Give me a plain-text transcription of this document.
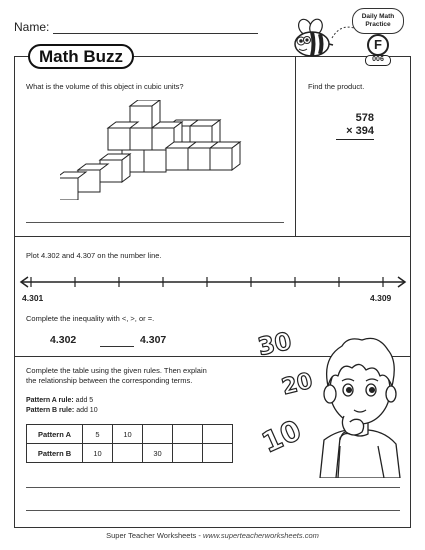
Name:
Math Buzz
Daily Math Practice
F
006
What is the volume of this object in cubic units?	Find the product.
578
× 394
Plot 4.302 and 4.307 on the number line.
4.301	4.309
Complete the inequality with <, >, or =.
4.302	4.307
Complete the table using the given rules. Then explain
the relationship between the corresponding terms.
Pattern A rule: add 5
Pattern B rule: add 10
Pattern A	5	10			
Pattern B	10		30		
30
20
10
Super Teacher Worksheets - www.superteacherworksheets.com
